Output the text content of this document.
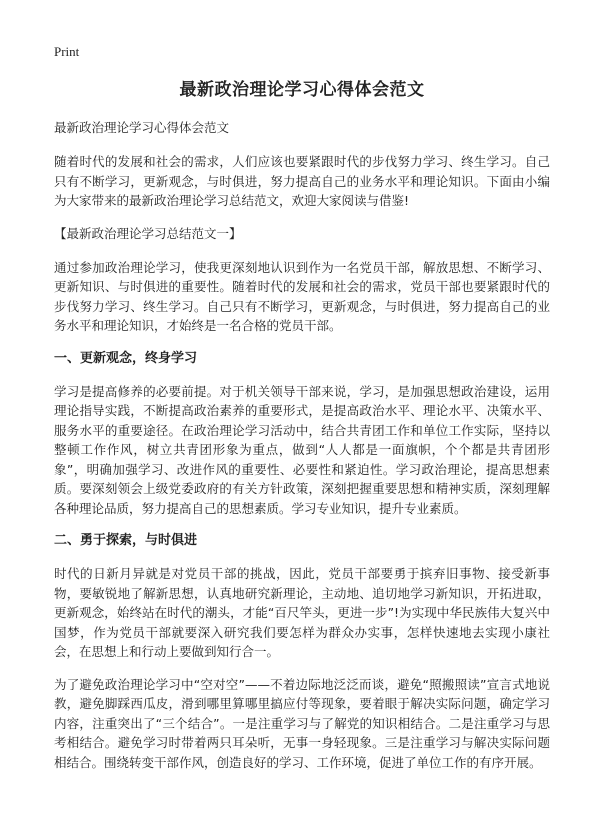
Print
最新政治理论学习心得体会范文
最新政治理论学习心得体会范文

随着时代的发展和社会的需求，人们应该也要紧跟时代的步伐努力学习、终生学习。自己只有不断学习，更新观念，与时俱进，努力提高自己的业务水平和理论知识。下面由小编为大家带来的最新政治理论学习总结范文，欢迎大家阅读与借鉴!

【最新政治理论学习总结范文一】

通过参加政治理论学习，使我更深刻地认识到作为一名党员干部，解放思想、不断学习、更新知识、与时俱进的重要性。随着时代的发展和社会的需求，党员干部也要紧跟时代的步伐努力学习、终生学习。自己只有不断学习，更新观念，与时俱进，努力提高自己的业务水平和理论知识，才始终是一名合格的党员干部。

一、更新观念，终身学习

学习是提高修养的必要前提。对于机关领导干部来说，学习，是加强思想政治建设，运用理论指导实践，不断提高政治素养的重要形式，是提高政治水平、理论水平、决策水平、服务水平的重要途径。在政治理论学习活动中，结合共青团工作和单位工作实际，坚持以整顿工作作风，树立共青团形象为重点，做到“人人都是一面旗帜，个个都是共青团形象”，明确加强学习、改进作风的重要性、必要性和紧迫性。学习政治理论，提高思想素质。要深刻领会上级党委政府的有关方针政策，深刻把握重要思想和精神实质，深刻理解各种理论品质，努力提高自己的思想素质。学习专业知识，提升专业素质。

二、勇于探索，与时俱进

时代的日新月异就是对党员干部的挑战，因此，党员干部要勇于摈弃旧事物、接受新事物，要敏锐地了解新思想，认真地研究新理论，主动地、追切地学习新知识，开拓进取，更新观念，始终站在时代的潮头，才能“百尺竿头，更进一步”!为实现中华民族伟大复兴中国梦，作为党员干部就要深入研究我们要怎样为群众办实事，怎样快速地去实现小康社会，在思想上和行动上要做到知行合一。

为了避免政治理论学习中“空对空”——不着边际地泛泛而谈，避免“照搬照读”宣言式地说教，避免脚踩西瓜皮，滑到哪里算哪里搞应付等现象，要着眼于解决实际问题，确定学习内容，注重突出了“三个结合”。一是注重学习与了解党的知识相结合。二是注重学习与思考相结合。避免学习时带着两只耳朵听，无事一身轻现象。三是注重学习与解决实际问题相结合。围绕转变干部作风，创造良好的学习、工作环境，促进了单位工作的有序开展。
